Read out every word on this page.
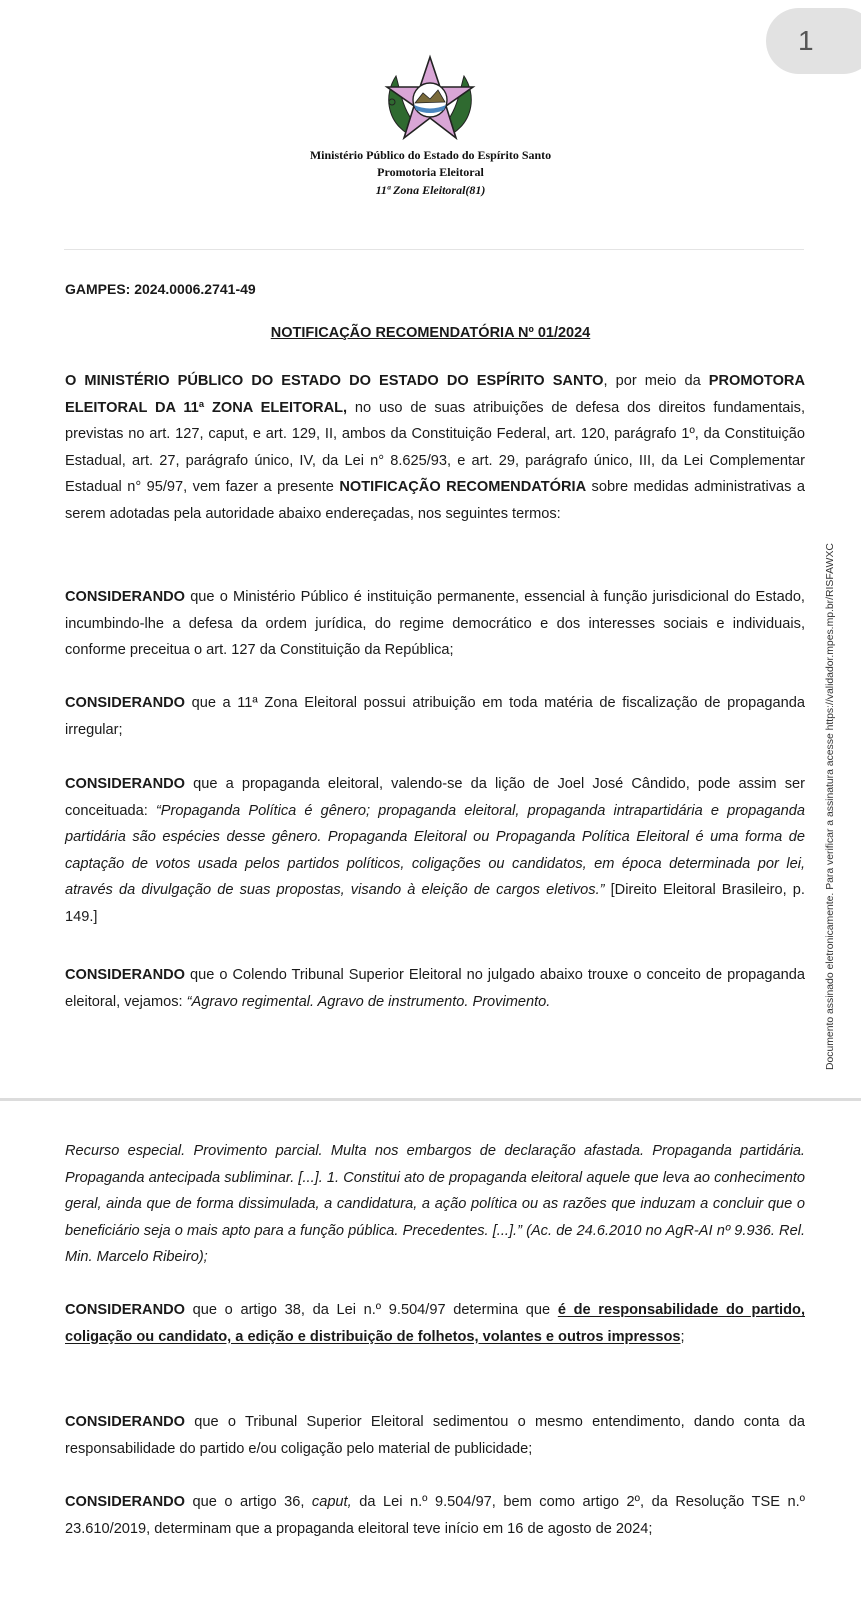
1
Ministério Público do Estado do Espírito Santo
Promotoria Eleitoral
11ª Zona Eleitoral(81)
GAMPES: 2024.0006.2741-49
NOTIFICAÇÃO RECOMENDATÓRIA Nº 01/2024

O MINISTÉRIO PÚBLICO DO ESTADO DO ESTADO DO ESPÍRITO SANTO, por meio da PROMOTORA ELEITORAL DA 11ª ZONA ELEITORAL, no uso de suas atribuições de defesa dos direitos fundamentais, previstas no art. 127, caput, e art. 129, II, ambos da Constituição Federal, art. 120, parágrafo 1º, da Constituição Estadual, art. 27, parágrafo único, IV, da Lei n° 8.625/93, e art. 29, parágrafo único, III, da Lei Complementar Estadual n° 95/97, vem fazer a presente NOTIFICAÇÃO RECOMENDATÓRIA sobre medidas administrativas a serem adotadas pela autoridade abaixo endereçadas, nos seguintes termos:

CONSIDERANDO que o Ministério Público é instituição permanente, essencial à função jurisdicional do Estado, incumbindo-lhe a defesa da ordem jurídica, do regime democrático e dos interesses sociais e individuais, conforme preceitua o art. 127 da Constituição da República;

CONSIDERANDO que a 11ª Zona Eleitoral possui atribuição em toda matéria de fiscalização de propaganda irregular;

CONSIDERANDO que a propaganda eleitoral, valendo-se da lição de Joel José Cândido, pode assim ser conceituada: “Propaganda Política é gênero; propaganda eleitoral, propaganda intrapartidária e propaganda partidária são espécies desse gênero. Propaganda Eleitoral ou Propaganda Política Eleitoral é uma forma de captação de votos usada pelos partidos políticos, coligações ou candidatos, em época determinada por lei, através da divulgação de suas propostas, visando à eleição de cargos eletivos.” [Direito Eleitoral Brasileiro, p. 149.]

CONSIDERANDO que o Colendo Tribunal Superior Eleitoral no julgado abaixo trouxe o conceito de propaganda eleitoral, vejamos: “Agravo regimental. Agravo de instrumento. Provimento.	Documento assinado eletronicamente. Para verificar a assinatura acesse https://validador.mpes.mp.br/RISFAWXC

Recurso especial. Provimento parcial. Multa nos embargos de declaração afastada. Propaganda partidária. Propaganda antecipada subliminar. [...]. 1. Constitui ato de propaganda eleitoral aquele que leva ao conhecimento geral, ainda que de forma dissimulada, a candidatura, a ação política ou as razões que induzam a concluir que o beneficiário seja o mais apto para a função pública. Precedentes. [...].” (Ac. de 24.6.2010 no AgR-AI nº 9.936. Rel. Min. Marcelo Ribeiro);

CONSIDERANDO que o artigo 38, da Lei n.º 9.504/97 determina que é de responsabilidade do partido, coligação ou candidato, a edição e distribuição de folhetos, volantes e outros impressos;

CONSIDERANDO que o Tribunal Superior Eleitoral sedimentou o mesmo entendimento, dando conta da responsabilidade do partido e/ou coligação pelo material de publicidade;

CONSIDERANDO que o artigo 36, caput, da Lei n.º 9.504/97, bem como artigo 2º, da Resolução TSE n.º 23.610/2019, determinam que a propaganda eleitoral teve início em 16 de agosto de 2024;
